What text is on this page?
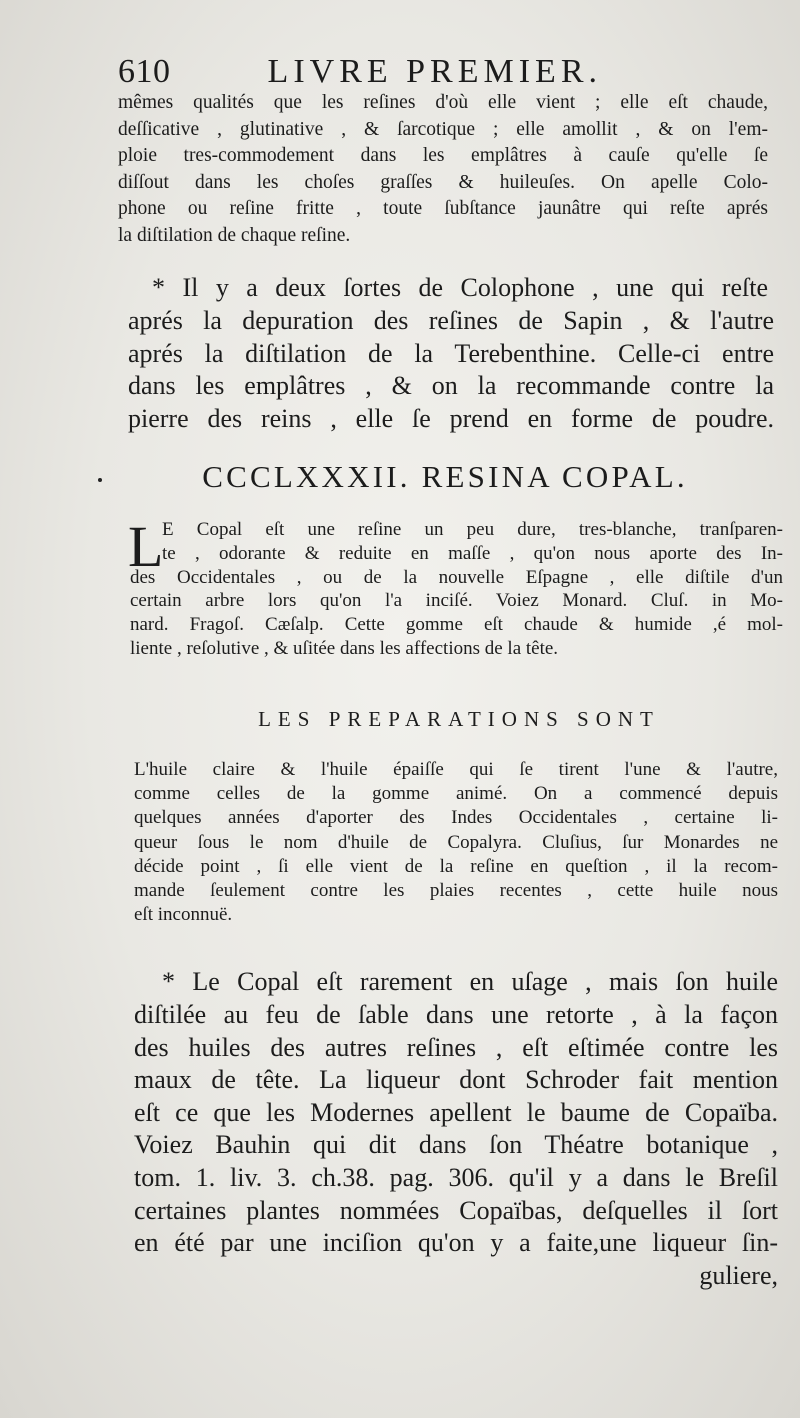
610	LIVRE PREMIER.
mêmes qualités que les reſines d'où elle vient ; elle eſt chaude,
deſſicative , glutinative , & ſarcotique ; elle amollit , & on l'em-
ploie tres-commodement dans les emplâtres à cauſe qu'elle ſe
diſſout dans les choſes graſſes & huileuſes. On apelle Colo-
phone ou reſine fritte , toute ſubſtance jaunâtre qui reſte aprés
la diſtilation de chaque reſine.
* Il y a deux ſortes de Colophone , une qui reſte
aprés la depuration des reſines de Sapin , & l'autre
aprés la diſtilation de la Terebenthine. Celle-ci entre
dans les emplâtres , & on la recommande contre la
pierre des reins , elle ſe prend en forme de poudre.
CCCLXXXII. RESINA COPAL.
L
E Copal eſt une reſine un peu dure, tres-blanche, tranſparen-
te , odorante & reduite en maſſe , qu'on nous aporte des In-
des Occidentales , ou de la nouvelle Eſpagne , elle diſtile d'un
certain arbre lors qu'on l'a inciſé. Voiez Monard. Cluſ. in Mo-
nard. Fragoſ. Cæſalp. Cette gomme eſt chaude & humide ,é mol-
liente , reſolutive , & uſitée dans les affections de la tête.
LES PREPARATIONS SONT
L'huile claire & l'huile épaiſſe qui ſe tirent l'une & l'autre,
comme celles de la gomme animé. On a commencé depuis
quelques années d'aporter des Indes Occidentales , certaine li-
queur ſous le nom d'huile de Copalyra. Cluſius, ſur Monardes ne
décide point , ſi elle vient de la reſine en queſtion , il la recom-
mande ſeulement contre les plaies recentes , cette huile nous
eſt inconnuë.
* Le Copal eſt rarement en uſage , mais ſon huile
diſtilée au feu de ſable dans une retorte , à la façon
des huiles des autres reſines , eſt eſtimée contre les
maux de tête. La liqueur dont Schroder fait mention
eſt ce que les Modernes apellent le baume de Copaïba.
Voiez Bauhin qui dit dans ſon Théatre botanique ,
tom. 1. liv. 3. ch.38. pag. 306. qu'il y a dans le Breſil
certaines plantes nommées Copaïbas, deſquelles il ſort
en été par une inciſion qu'on y a faite,une liqueur ſin-
guliere,
